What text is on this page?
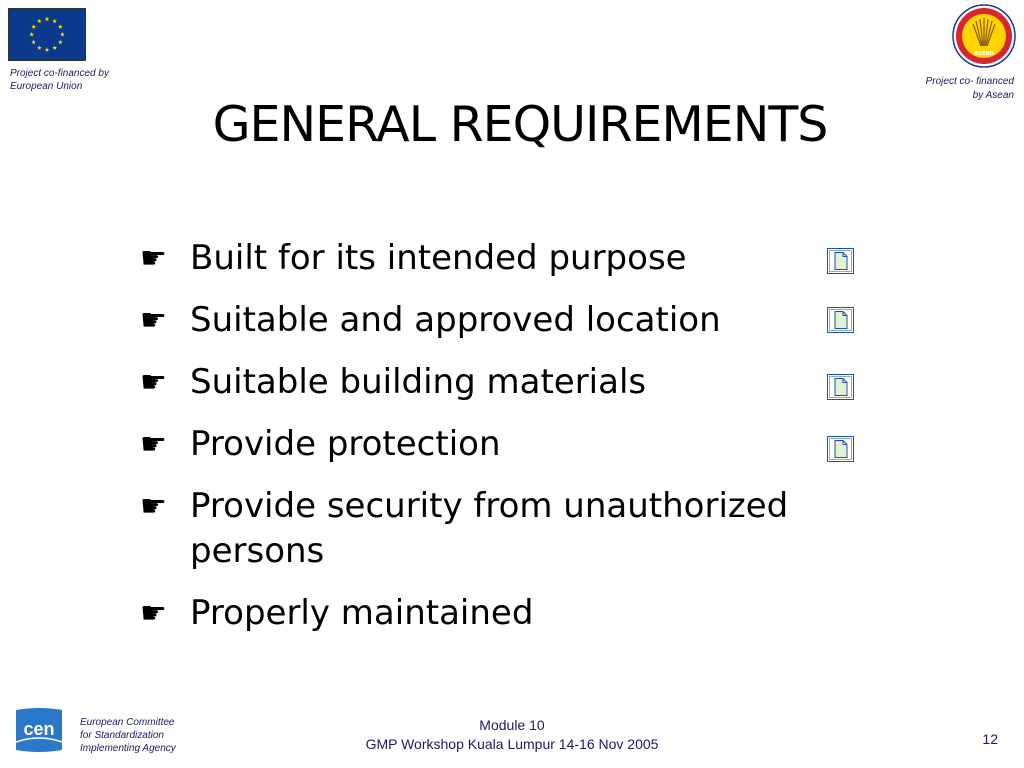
Project co-financed by
European Union
asean
Project co- financed
by Asean
GENERAL REQUIREMENTS
☛ Built for its intended purpose
☛ Suitable and approved location
☛ Suitable building materials
☛ Provide protection
☛ Provide security from unauthorized
persons
☛ Properly maintained
cen	European Committee
for Standardization
Implementing Agency
Module 10
GMP Workshop Kuala Lumpur 14-16 Nov 2005	12
